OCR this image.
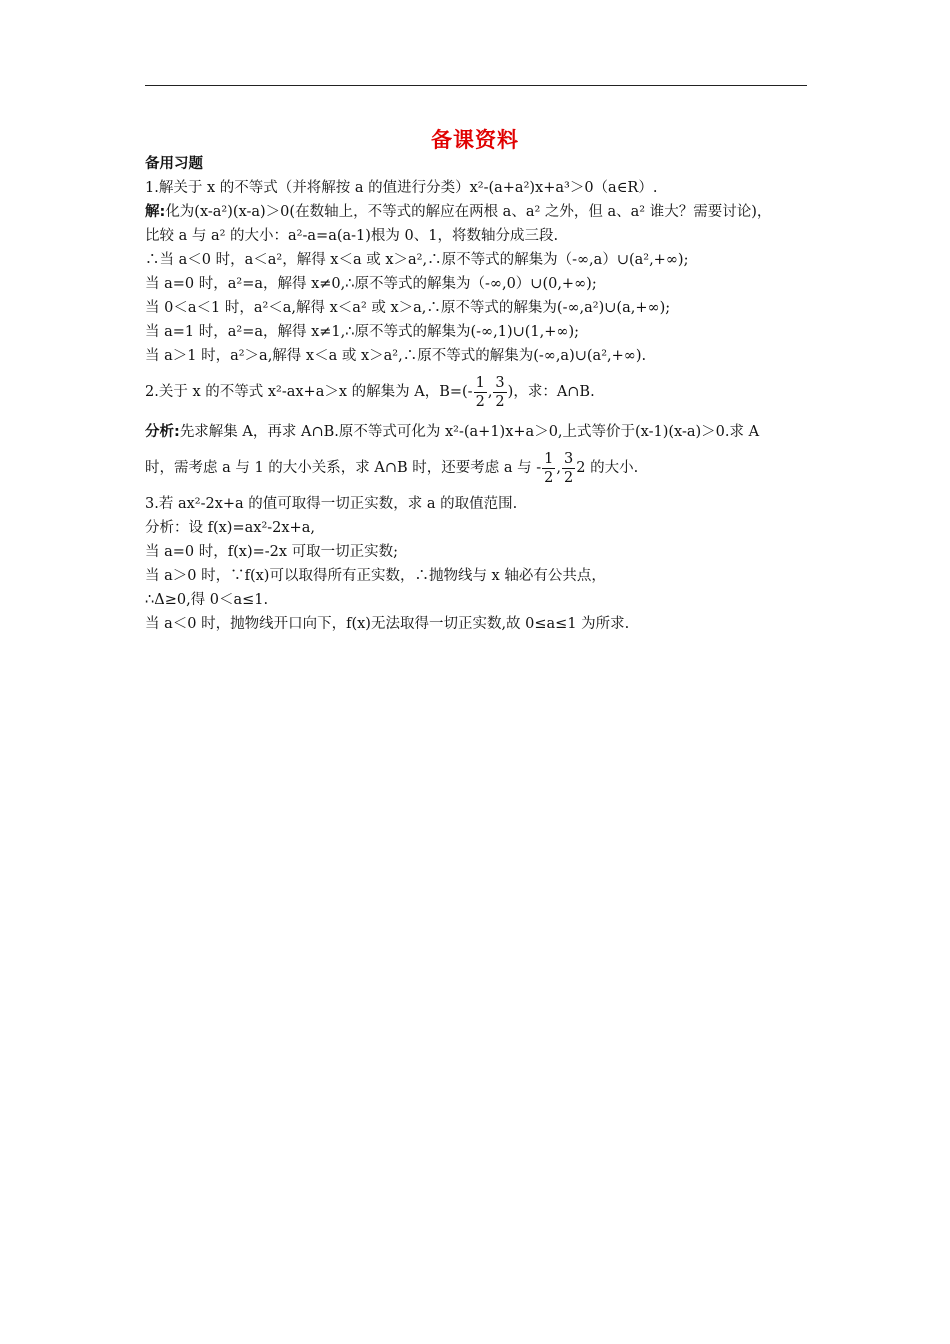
备课资料
备用习题
1.解关于 x 的不等式（并将解按 a 的值进行分类）x²-(a+a²)x+a³＞0（a∈R）.
解:化为(x-a²)(x-a)＞0(在数轴上，不等式的解应在两根 a、a² 之外，但 a、a² 谁大？需要讨论)，
比较 a 与 a² 的大小：a²-a=a(a-1)根为 0、1，将数轴分成三段.
∴当 a＜0 时，a＜a²，解得 x＜a 或 x＞a²,∴原不等式的解集为（-∞,a）∪(a²,+∞);
当 a=0 时，a²=a，解得 x≠0,∴原不等式的解集为（-∞,0）∪(0,+∞);
当 0＜a＜1 时，a²＜a,解得 x＜a² 或 x＞a,∴原不等式的解集为(-∞,a²)∪(a,+∞);
当 a=1 时，a²=a，解得 x≠1,∴原不等式的解集为(-∞,1)∪(1,+∞);
当 a＞1 时，a²＞a,解得 x＜a 或 x＞a²,∴原不等式的解集为(-∞,a)∪(a²,+∞).
2.关于 x 的不等式 x²-ax+a＞x 的解集为 A，$B=(- \frac{1}{2}$ , $\frac{3}{2}$ )，求：A∩B.
分析:先求解集 A，再求 A∩B.原不等式可化为 x²-(a+1)x+a＞0,上式等价于(x-1)(x-a)＞0.求 A
时，需考虑 a 与 1 的大小关系，求 A∩B 时，还要考虑 a 与 - $\frac{1}{2}$ , $\frac{3}{2} 2$ 的大小.
3.若 ax²-2x+a 的值可取得一切正实数，求 a 的取值范围.
分析：设 f(x)=ax²-2x+a,
当 a=0 时，f(x)=-2x 可取一切正实数;
当 a＞0 时，∵f(x)可以取得所有正实数，∴抛物线与 x 轴必有公共点，
∴Δ≥0,得 0＜a≤1.
当 a＜0 时，抛物线开口向下，f(x)无法取得一切正实数,故 0≤a≤1 为所求.
